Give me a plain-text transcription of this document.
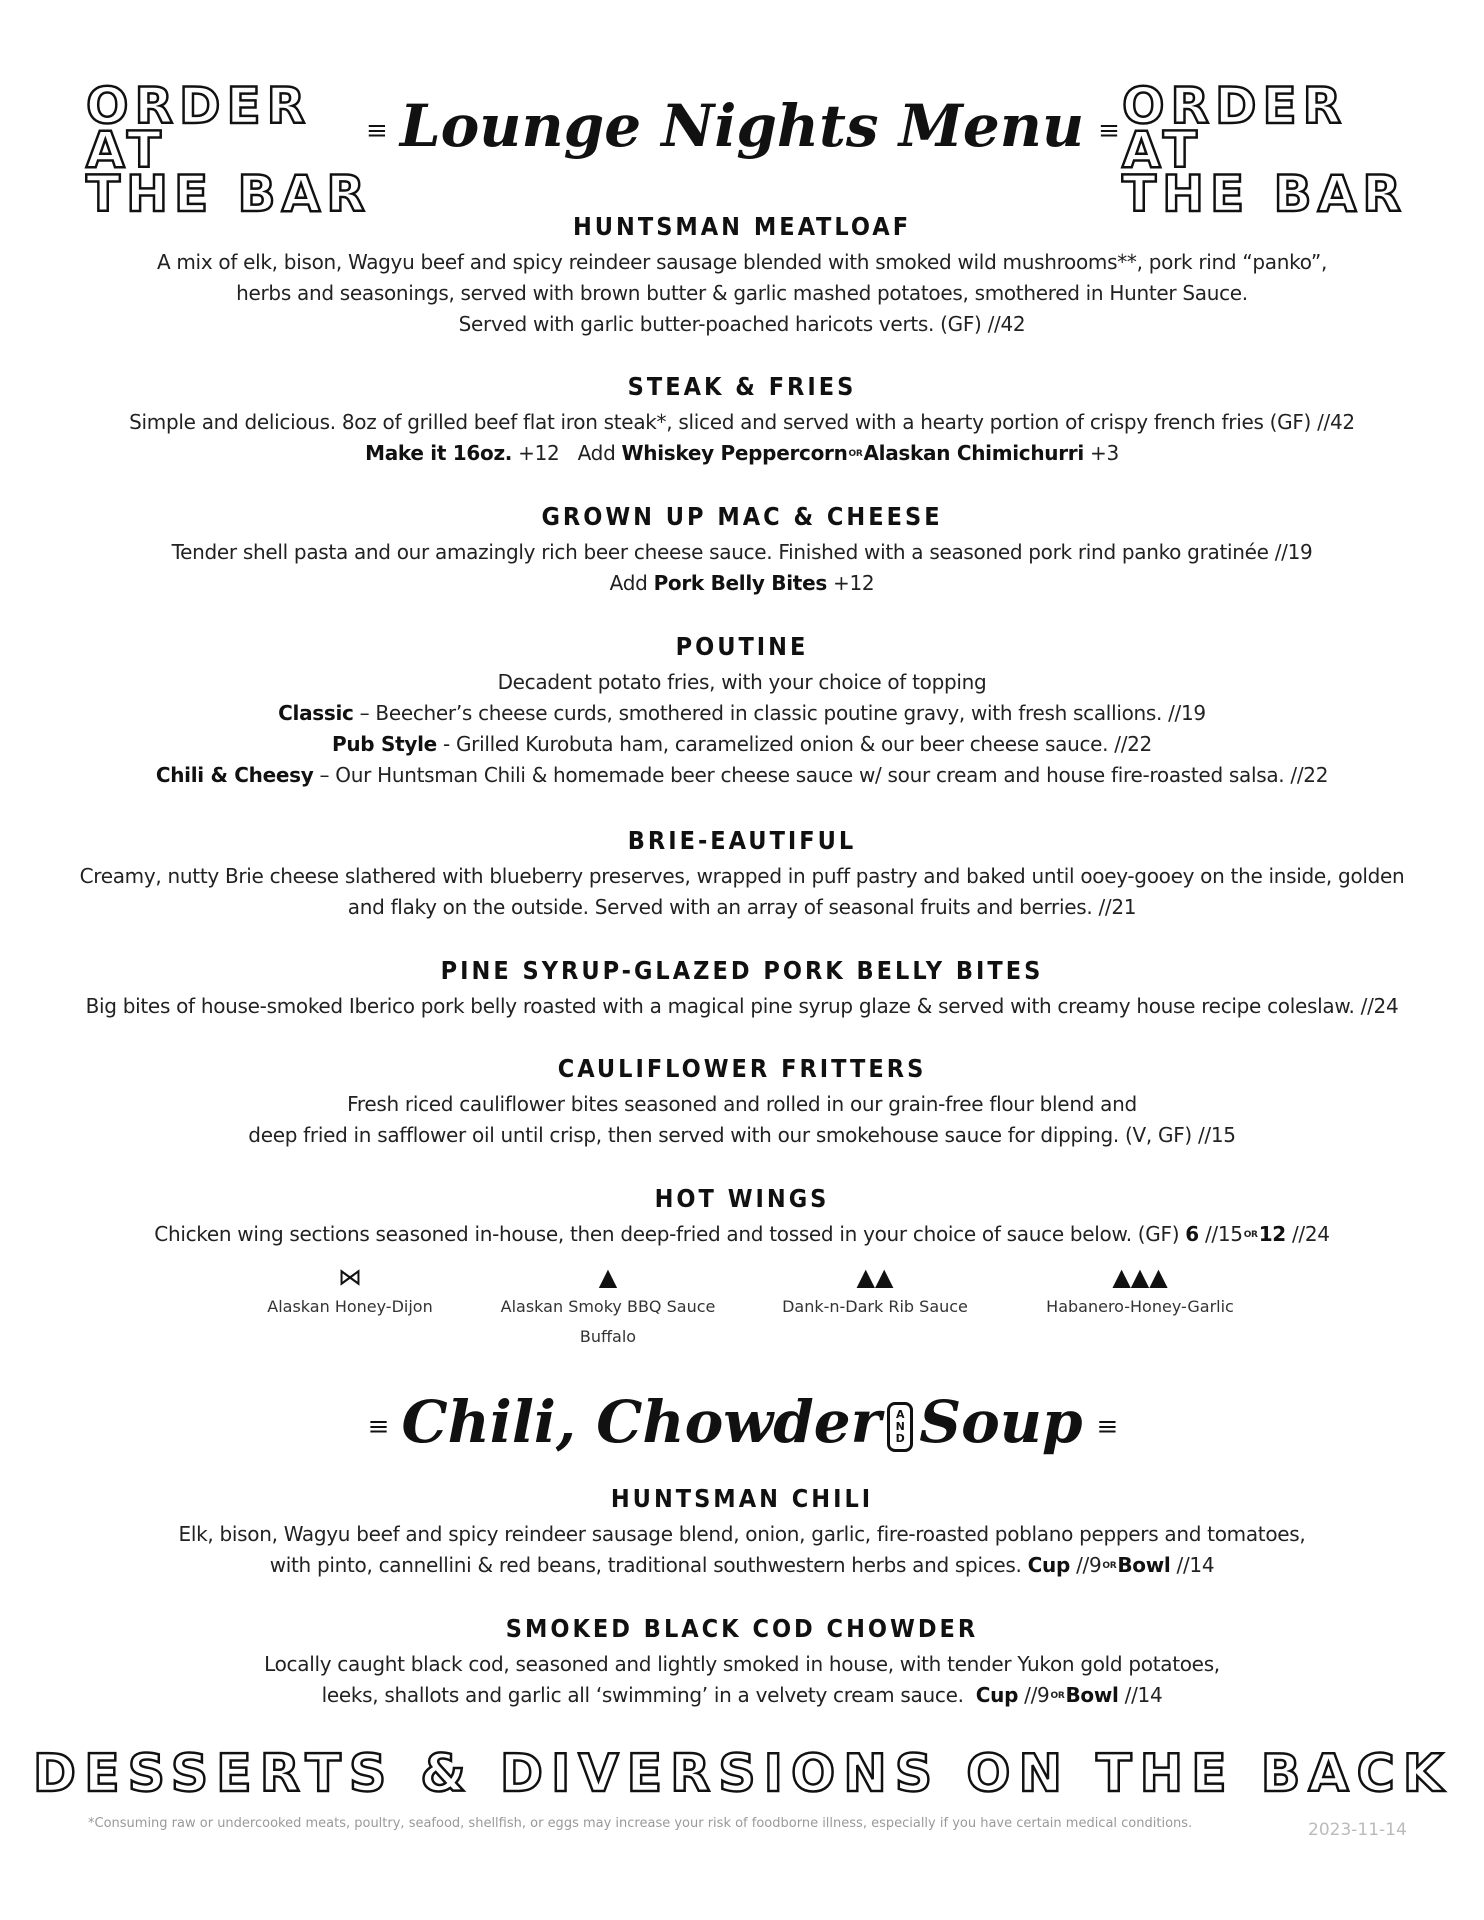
ORDER AT
THE BAR
ORDER AT
THE BAR
≡ Lounge Nights Menu ≡
HUNTSMAN MEATLOAF

A mix of elk, bison, Wagyu beef and spicy reindeer sausage blended with smoked wild mushrooms**, pork rind “panko”,
herbs and seasonings, served with brown butter & garlic mashed potatoes, smothered in Hunter Sauce.
Served with garlic butter-poached haricots verts. (GF) //42

STEAK & FRIES

Simple and delicious. 8oz of grilled beef flat iron steak*, sliced and served with a hearty portion of crispy french fries (GF) //42
Make it 16oz. +12 Add Whiskey PeppercornORAlaskan Chimichurri +3

GROWN UP MAC & CHEESE

Tender shell pasta and our amazingly rich beer cheese sauce. Finished with a seasoned pork rind panko gratinée //19
Add Pork Belly Bites +12

POUTINE

Decadent potato fries, with your choice of topping
Classic – Beecher’s cheese curds, smothered in classic poutine gravy, with fresh scallions. //19
Pub Style - Grilled Kurobuta ham, caramelized onion & our beer cheese sauce. //22
Chili & Cheesy – Our Huntsman Chili & homemade beer cheese sauce w/ sour cream and house fire-roasted salsa. //22

BRIE-EAUTIFUL

Creamy, nutty Brie cheese slathered with blueberry preserves, wrapped in puff pastry and baked until ooey-gooey on the inside, golden
and flaky on the outside. Served with an array of seasonal fruits and berries. //21

PINE SYRUP-GLAZED PORK BELLY BITES

Big bites of house-smoked Iberico pork belly roasted with a magical pine syrup glaze & served with creamy house recipe coleslaw. //24

CAULIFLOWER FRITTERS

Fresh riced cauliflower bites seasoned and rolled in our grain-free flour blend and
deep fried in safflower oil until crisp, then served with our smokehouse sauce for dipping. (V, GF) //15

HOT WINGS

Chicken wing sections seasoned in-house, then deep-fried and tossed in your choice of sauce below. (GF) 6 //15OR12 //24

⋈
Alaskan Honey-Dijon
▲
Alaskan Smoky BBQ Sauce
Buffalo
▲▲
Dank-n-Dark Rib Sauce
▲▲▲
Habanero-Honey-Garlic
≡ Chili, Chowder A
N
D Soup ≡
HUNTSMAN CHILI

Elk, bison, Wagyu beef and spicy reindeer sausage blend, onion, garlic, fire-roasted poblano peppers and tomatoes,
with pinto, cannellini & red beans, traditional southwestern herbs and spices. Cup //9ORBowl //14

SMOKED BLACK COD CHOWDER

Locally caught black cod, seasoned and lightly smoked in house, with tender Yukon gold potatoes,
leeks, shallots and garlic all ‘swimming’ in a velvety cream sauce. Cup //9ORBowl //14

DESSERTS & DIVERSIONS ON THE BACK
*Consuming raw or undercooked meats, poultry, seafood, shellfish, or eggs may increase your risk of foodborne illness, especially if you have certain medical conditions.	2023-11-14
